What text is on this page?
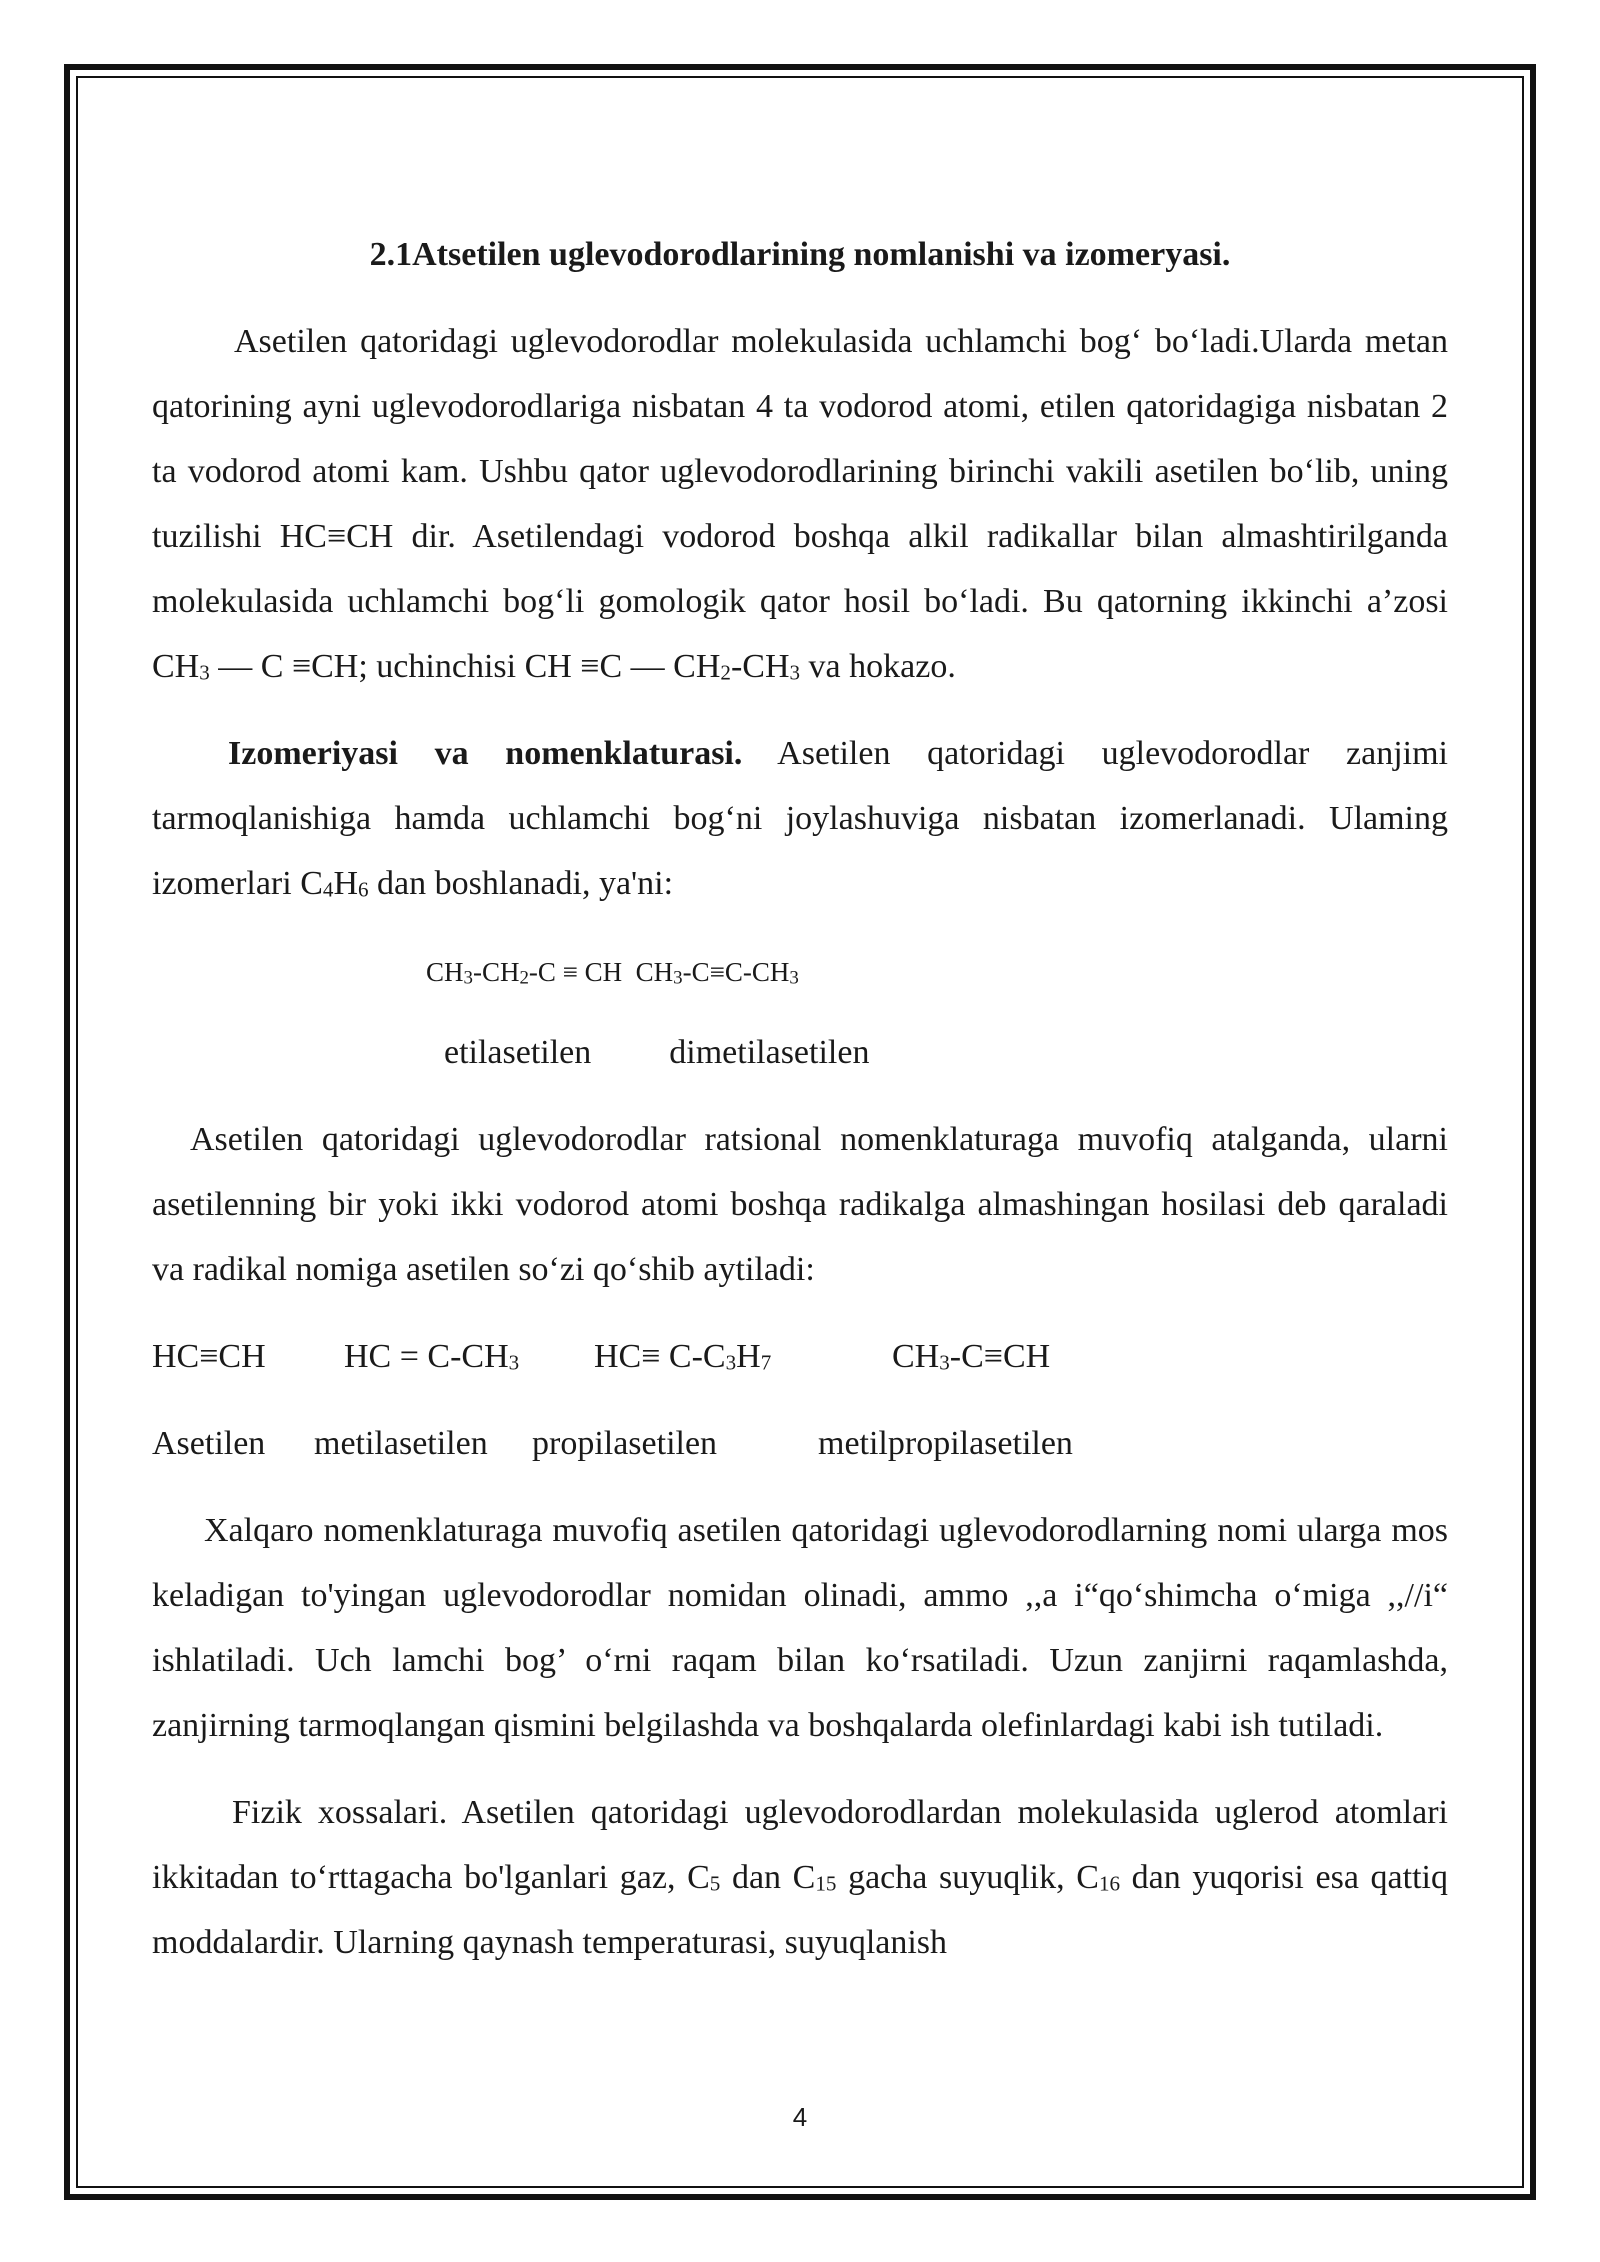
2.1Atsetilen uglevodorodlarining nomlanishi va izomeryasi.

Asetilen qatoridagi uglevodorodlar molekulasida uchlamchi bog‘ bo‘ladi.Ularda metan qatorining ayni uglevodorodlariga nisbatan 4 ta vodorod atomi, etilen qatoridagiga nisbatan 2 ta vodorod atomi kam. Ushbu qator uglevodorodlarining birinchi vakili asetilen bo‘lib, uning tuzilishi HC≡CH dir. Asetilendagi vodorod boshqa alkil radikallar bilan almashtirilganda molekulasida uchlamchi bog‘li gomologik qator hosil bo‘ladi. Bu qatorning ikkinchi a’zosi $CH_3$ — C ≡CH; uchinchisi CH ≡C — $CH_2-CH_3$ va hokazo.

Izomeriyasi va nomenklaturasi. Asetilen qatoridagi uglevodorodlar zanjimi tarmoqlanishiga hamda uchlamchi bog‘ni joylashuviga nisbatan izomerlanadi. Ulaming izomerlari $C_4H_6$ dan boshlanadi, ya'ni:

$CH_3-CH_2-C$ ≡ CH  $CH_3-C\equiv C-CH_3$
etilasetilen dimetilasetilen

Asetilen qatoridagi uglevodorodlar ratsional nomenklaturaga muvofiq atalganda, ularni asetilenning bir yoki ikki vodorod atomi boshqa radikalga almashingan hosilasi deb qaraladi va radikal nomiga asetilen so‘zi qo‘shib aytiladi:

HC≡CH	HC = $C-CH_3$	$HC\equiv C-C_3H_7$	$CH_3-C\equiv CH$
Asetilen	metilasetilen	propilasetilen	metilpropilasetilen

Xalqaro nomenklaturaga muvofiq asetilen qatoridagi uglevodorodlarning nomi ularga mos keladigan to'yingan uglevodorodlar nomidan olinadi, ammo ,,a i“qo‘shimcha o‘miga ,,//i“ ishlatiladi. Uch lamchi bog’ o‘rni raqam bilan ko‘rsatiladi. Uzun zanjirni raqamlashda, zanjirning tarmoqlangan qismini belgilashda va boshqalarda olefinlardagi kabi ish tutiladi.

Fizik xossalari. Asetilen qatoridagi uglevodorodlardan molekulasida uglerod atomlari ikkitadan to‘rttagacha bo'lganlari gaz, $C_5$ dan $C_{15}$ gacha suyuqlik, $C_{16}$ dan yuqorisi esa qattiq moddalardir. Ularning qaynash temperaturasi, suyuqlanish

4
